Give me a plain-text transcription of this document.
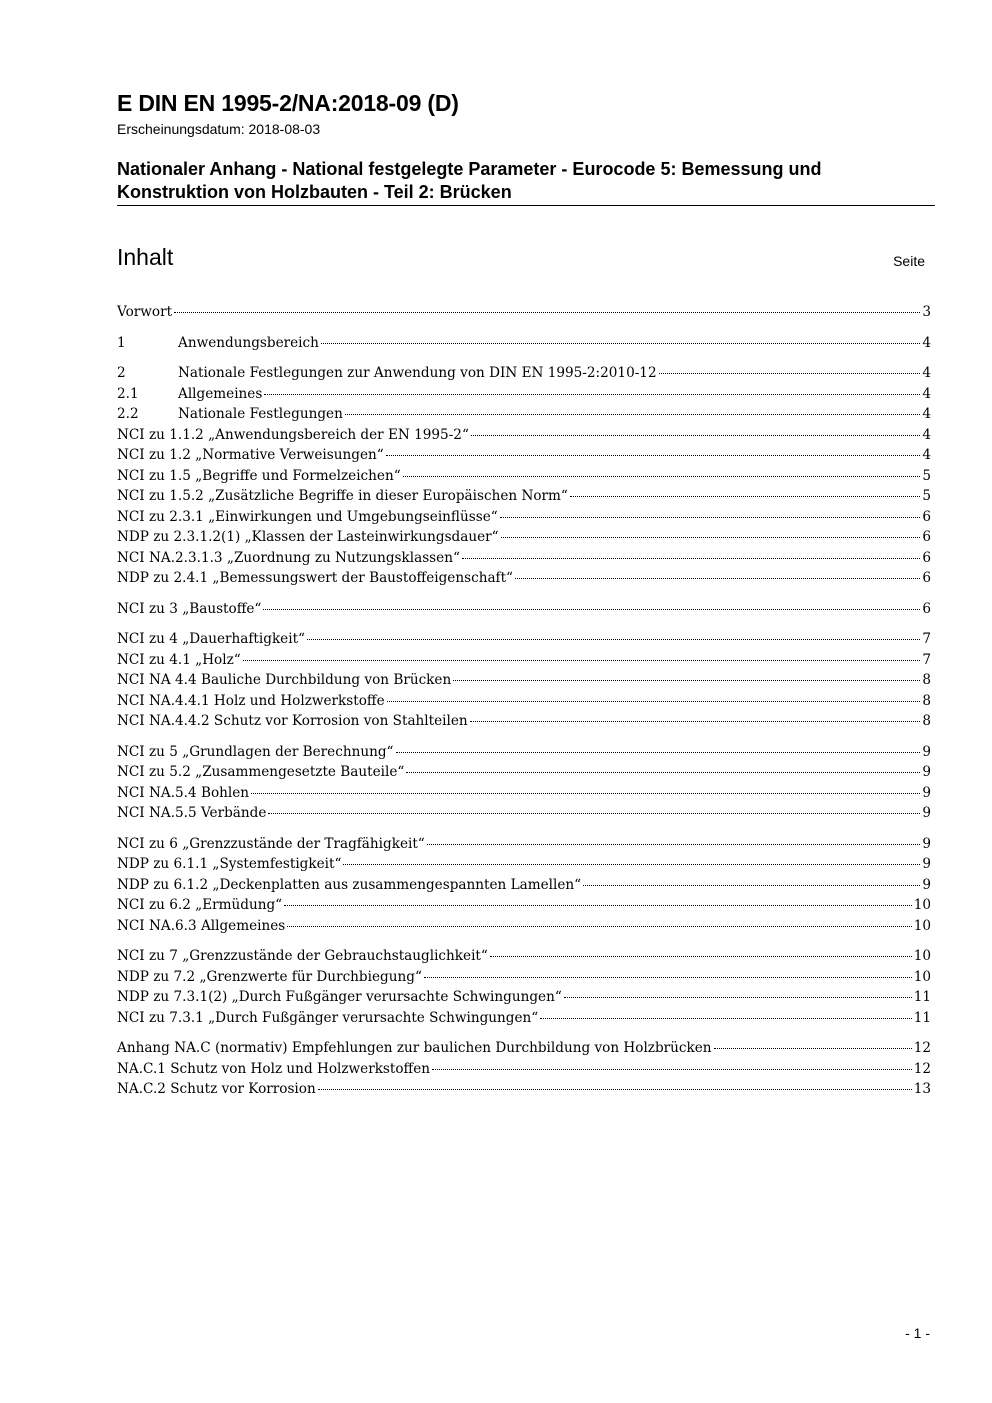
E DIN EN 1995-2/NA:2018-09 (D)
Erscheinungsdatum: 2018-08-03
Nationaler Anhang - National festgelegte Parameter - Eurocode 5: Bemessung und Konstruktion von Holzbauten - Teil 2: Brücken
Inhalt	Seite
Vorwort	3
1	Anwendungsbereich	4
2	Nationale Festlegungen zur Anwendung von DIN EN 1995-2:2010-12	4
2.1	Allgemeines	4
2.2	Nationale Festlegungen	4
NCI zu 1.1.2 „Anwendungsbereich der EN 1995-2“	4
NCI zu 1.2 „Normative Verweisungen“	4
NCI zu 1.5 „Begriffe und Formelzeichen“	5
NCI zu 1.5.2 „Zusätzliche Begriffe in dieser Europäischen Norm“	5
NCI zu 2.3.1 „Einwirkungen und Umgebungseinflüsse“	6
NDP zu 2.3.1.2(1) „Klassen der Lasteinwirkungsdauer“	6
NCI NA.2.3.1.3 „Zuordnung zu Nutzungsklassen“	6
NDP zu 2.4.1 „Bemessungswert der Baustoffeigenschaft“	6
NCI zu 3 „Baustoffe“	6
NCI zu 4 „Dauerhaftigkeit“	7
NCI zu 4.1 „Holz“	7
NCI NA 4.4 Bauliche Durchbildung von Brücken	8
NCI NA.4.4.1 Holz und Holzwerkstoffe	8
NCI NA.4.4.2 Schutz vor Korrosion von Stahlteilen	8
NCI zu 5 „Grundlagen der Berechnung“	9
NCI zu 5.2 „Zusammengesetzte Bauteile“	9
NCI NA.5.4 Bohlen	9
NCI NA.5.5 Verbände	9
NCI zu 6 „Grenzzustände der Tragfähigkeit“	9
NDP zu 6.1.1 „Systemfestigkeit“	9
NDP zu 6.1.2 „Deckenplatten aus zusammengespannten Lamellen“	9
NCI zu 6.2 „Ermüdung“	10
NCI NA.6.3 Allgemeines	10
NCI zu 7 „Grenzzustände der Gebrauchstauglichkeit“	10
NDP zu 7.2 „Grenzwerte für Durchbiegung“	10
NDP zu 7.3.1(2) „Durch Fußgänger verursachte Schwingungen“	11
NCI zu 7.3.1 „Durch Fußgänger verursachte Schwingungen“	11
Anhang NA.C (normativ) Empfehlungen zur baulichen Durchbildung von Holzbrücken	12
NA.C.1 Schutz von Holz und Holzwerkstoffen	12
NA.C.2 Schutz vor Korrosion	13
- 1 -
